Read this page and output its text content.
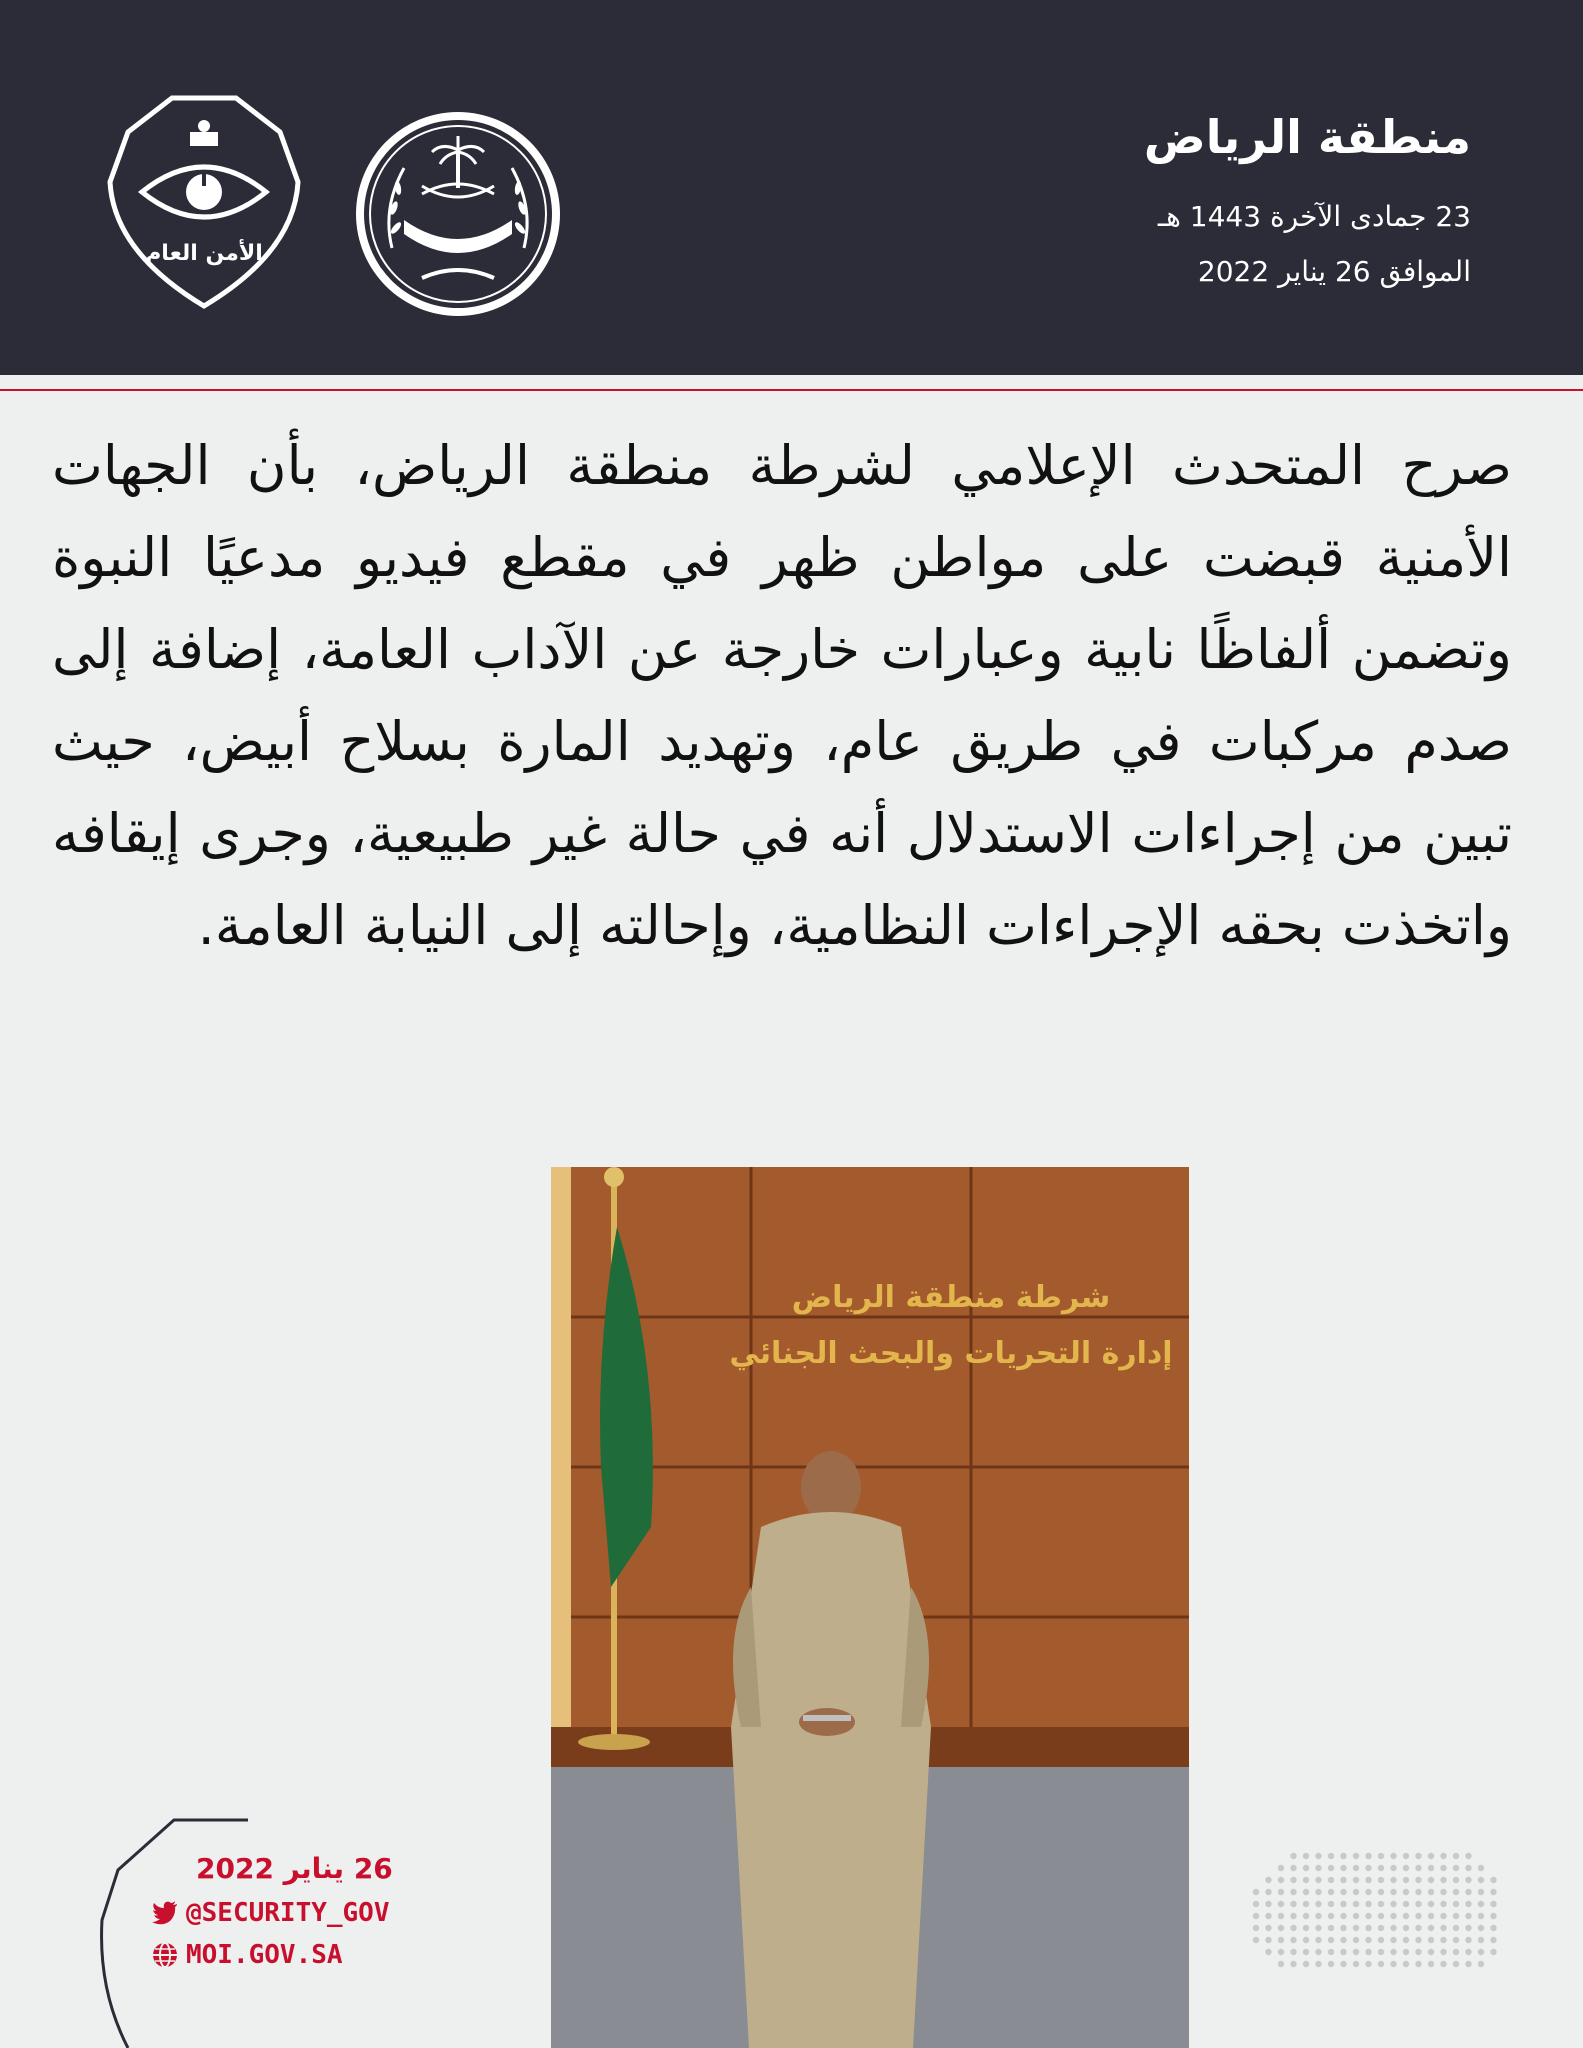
منطقة الرياض
23 جمادى الآخرة 1443 هـ
الموافق 26 يناير 2022
الأمن العام
صرح المتحدث الإعلامي لشرطة منطقة الرياض، بأن الجهات الأمنية قبضت على مواطن ظهر في مقطع فيديو مدعيًا النبوة وتضمن ألفاظًا نابية وعبارات خارجة عن الآداب العامة، إضافة إلى صدم مركبات في طريق عام، وتهديد المارة بسلاح أبيض، حيث تبين من إجراءات الاستدلال أنه في حالة غير طبيعية، وجرى إيقافه واتخذت بحقه الإجراءات النظامية، وإحالته إلى النيابة العامة.
شرطة منطقة الرياض
إدارة التحريات والبحث الجنائي
26 يناير 2022
@SECURITY_GOV
MOI.GOV.SA
